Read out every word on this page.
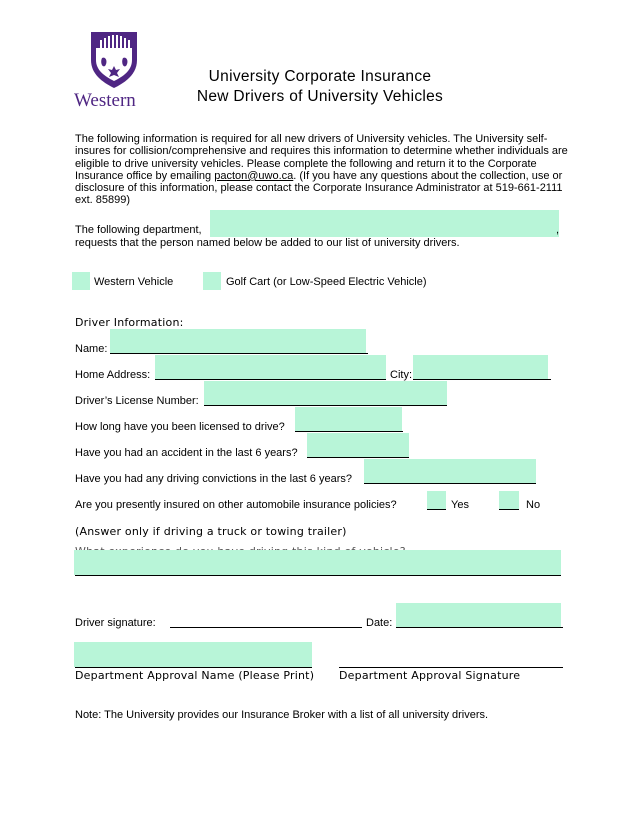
Western
University Corporate Insurance
New Drivers of University Vehicles
The following information is required for all new drivers of University vehicles. The University self-insures for collision/comprehensive and requires this information to determine whether individuals are eligible to drive university vehicles. Please complete the following and return it to the Corporate Insurance office by emailing pacton@uwo.ca. (If you have any questions about the collection, use or disclosure of this information, please contact the Corporate Insurance Administrator at 519-661-2111 ext. 85899)
The following department,	,
requests that the person named below be added to our list of university drivers.
Western Vehicle	Golf Cart (or Low-Speed Electric Vehicle)
Driver Information:
Name:
Home Address:	City:
Driver’s License Number:
How long have you been licensed to drive?
Have you had an accident in the last 6 years?
Have you had any driving convictions in the last 6 years?
Are you presently insured on other automobile insurance policies?	Yes	No
(Answer only if driving a truck or towing trailer)
Driver signature:	Date:
Department Approval Name (Please Print) Department Approval Signature
Note: The University provides our Insurance Broker with a list of all university drivers.
